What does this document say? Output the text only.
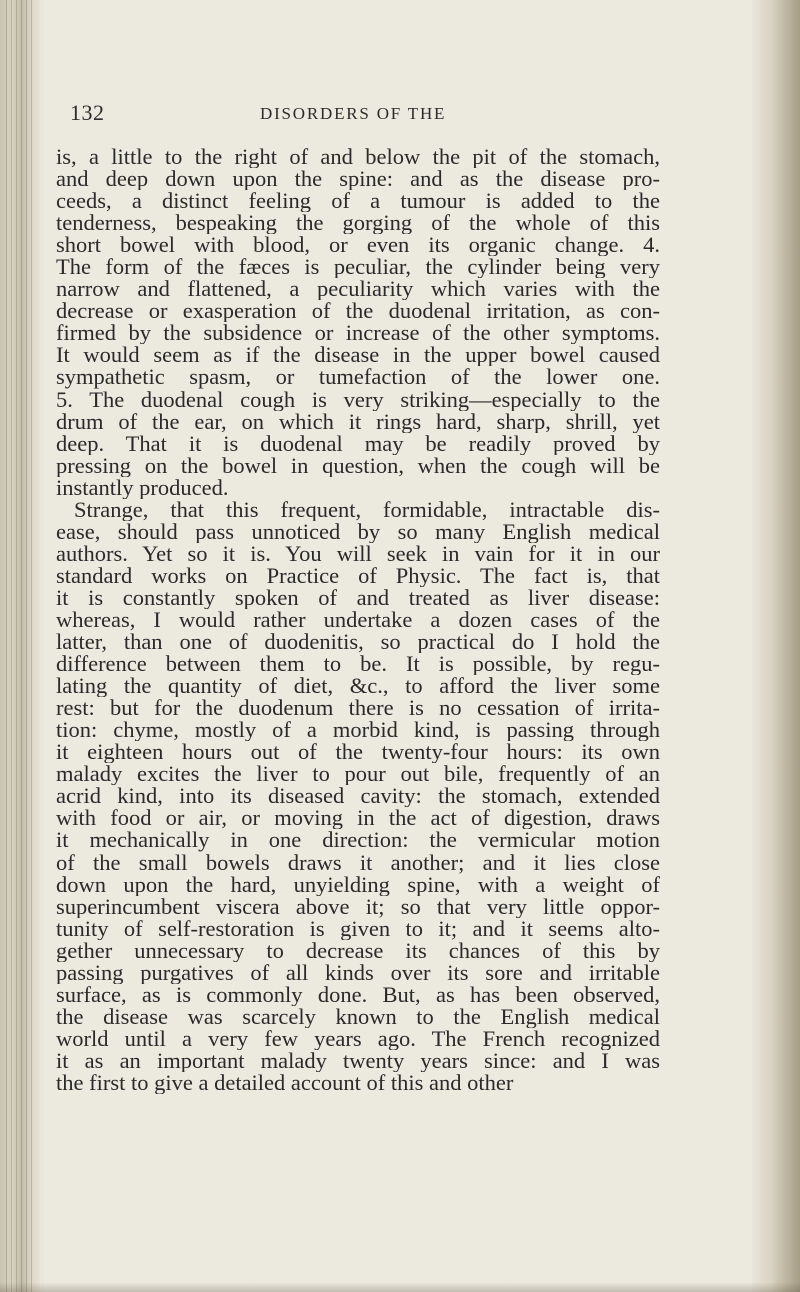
132	DISORDERS OF THE
is, a little to the right of and below the pit of the stomach,
and deep down upon the spine: and as the disease pro-
ceeds, a distinct feeling of a tumour is added to the
tenderness, bespeaking the gorging of the whole of this
short bowel with blood, or even its organic change. 4.
The form of the fæces is peculiar, the cylinder being very
narrow and flattened, a peculiarity which varies with the
decrease or exasperation of the duodenal irritation, as con-
firmed by the subsidence or increase of the other symptoms.
It would seem as if the disease in the upper bowel caused
sympathetic spasm, or tumefaction of the lower one.
5. The duodenal cough is very striking—especially to the
drum of the ear, on which it rings hard, sharp, shrill, yet
deep. That it is duodenal may be readily proved by
pressing on the bowel in question, when the cough will be
instantly produced.
Strange, that this frequent, formidable, intractable dis-
ease, should pass unnoticed by so many English medical
authors. Yet so it is. You will seek in vain for it in our
standard works on Practice of Physic. The fact is, that
it is constantly spoken of and treated as liver disease:
whereas, I would rather undertake a dozen cases of the
latter, than one of duodenitis, so practical do I hold the
difference between them to be. It is possible, by regu-
lating the quantity of diet, &c., to afford the liver some
rest: but for the duodenum there is no cessation of irrita-
tion: chyme, mostly of a morbid kind, is passing through
it eighteen hours out of the twenty-four hours: its own
malady excites the liver to pour out bile, frequently of an
acrid kind, into its diseased cavity: the stomach, extended
with food or air, or moving in the act of digestion, draws
it mechanically in one direction: the vermicular motion
of the small bowels draws it another; and it lies close
down upon the hard, unyielding spine, with a weight of
superincumbent viscera above it; so that very little oppor-
tunity of self-restoration is given to it; and it seems alto-
gether unnecessary to decrease its chances of this by
passing purgatives of all kinds over its sore and irritable
surface, as is commonly done. But, as has been observed,
the disease was scarcely known to the English medical
world until a very few years ago. The French recognized
it as an important malady twenty years since: and I was
the first to give a detailed account of this and other
